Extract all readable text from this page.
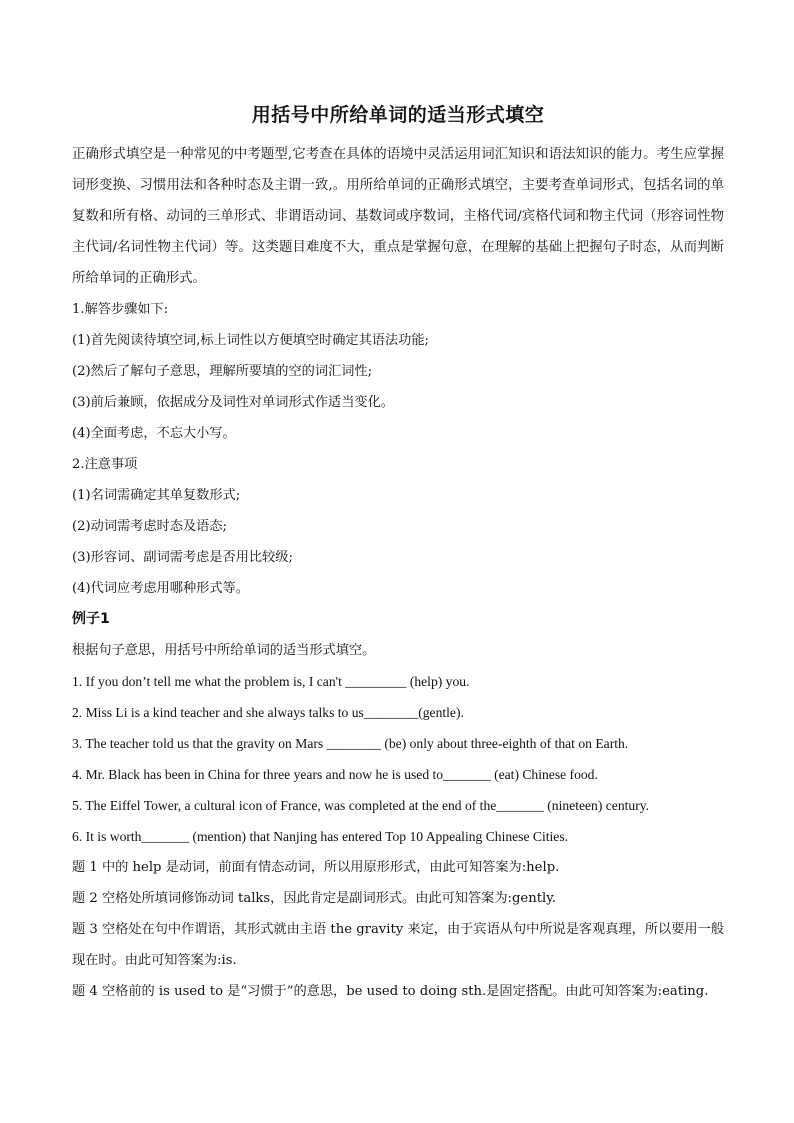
用括号中所给单词的适当形式填空

正确形式填空是一种常见的中考题型,它考查在具体的语境中灵活运用词汇知识和语法知识的能力。考生应掌握词形变换、习惯用法和各种时态及主谓一致,。用所给单词的正确形式填空，主要考查单词形式，包括名词的单复数和所有格、动词的三单形式、非谓语动词、基数词或序数词，主格代词/宾格代词和物主代词（形容词性物主代词/名词性物主代词）等。这类题目难度不大，重点是掌握句意，在理解的基础上把握句子时态，从而判断所给单词的正确形式。

1.解答步骤如下:

(1)首先阅读待填空词,标上词性以方便填空时确定其语法功能;

(2)然后了解句子意思，理解所要填的空的词汇词性;

(3)前后兼顾，依据成分及词性对单词形式作适当变化。

(4)全面考虑，不忘大小写。

2.注意事项

(1)名词需确定其单复数形式;

(2)动词需考虑时态及语态;

(3)形容词、副词需考虑是否用比较级;

(4)代词应考虑用哪种形式等。

例子1

根据句子意思，用括号中所给单词的适当形式填空。

1. If you don’t tell me what the problem is, I can't _________ (help) you.

2. Miss Li is a kind teacher and she always talks to us________(gentle).

3. The teacher told us that the gravity on Mars ________ (be) only about three-eighth of that on Earth.

4. Mr. Black has been in China for three years and now he is used to_______ (eat) Chinese food.

5. The Eiffel Tower, a cultural icon of France, was completed at the end of the_______ (nineteen) century.

6. It is worth_______ (mention) that Nanjing has entered Top 10 Appealing Chinese Cities.

题 1 中的 help 是动词，前面有情态动词，所以用原形形式，由此可知答案为:help.

题 2 空格处所填词修饰动词 talks，因此肯定是副词形式。由此可知答案为:gently.

题 3 空格处在句中作谓语，其形式就由主语 the gravity 来定，由于宾语从句中所说是客观真理，所以要用一般现在时。由此可知答案为:is.

题 4 空格前的 is used to 是“习惯于”的意思，be used to doing sth.是固定搭配。由此可知答案为:eating.
